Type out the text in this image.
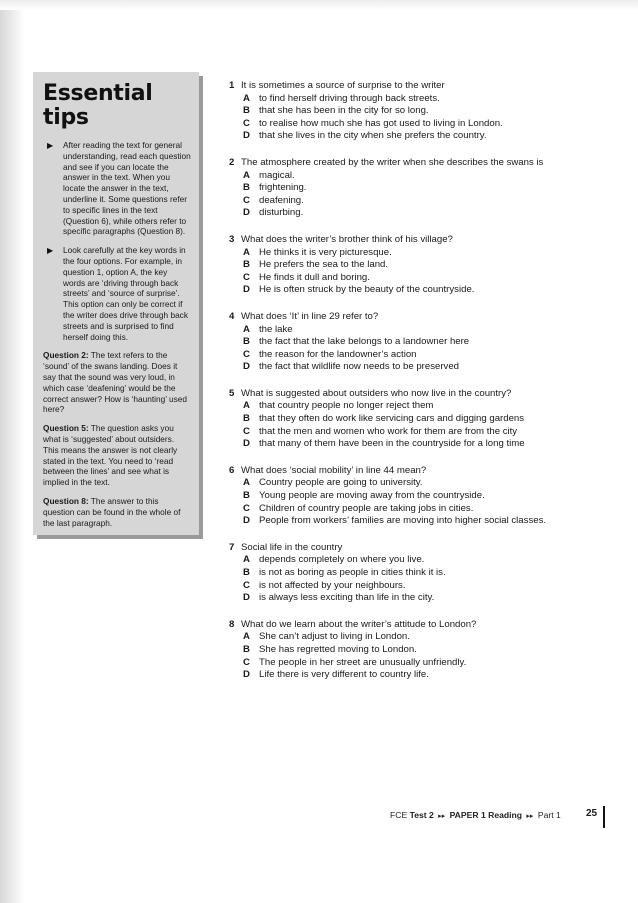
Essential tips
▶ After reading the text for general understanding, read each question and see if you can locate the answer in the text. When you locate the answer in the text, underline it. Some questions refer to specific lines in the text (Question 6), while others refer to specific paragraphs (Question 8).
▶ Look carefully at the key words in the four options. For example, in question 1, option A, the key words are ‘driving through back streets’ and ‘source of surprise’. This option can only be correct if the writer does drive through back streets and is surprised to find herself doing this.
Question 2: The text refers to the ‘sound’ of the swans landing. Does it say that the sound was very loud, in which case ‘deafening’ would be the correct answer? How is ‘haunting’ used here?
Question 5: The question asks you what is ‘suggested’ about outsiders. This means the answer is not clearly stated in the text. You need to ‘read between the lines’ and see what is implied in the text.
Question 8: The answer to this question can be found in the whole of the last paragraph.
1 It is sometimes a source of surprise to the writer
A to find herself driving through back streets.
B that she has been in the city for so long.
C to realise how much she has got used to living in London.
D that she lives in the city when she prefers the country.
2 The atmosphere created by the writer when she describes the swans is
A magical.
B frightening.
C deafening.
D disturbing.
3 What does the writer’s brother think of his village?
A He thinks it is very picturesque.
B He prefers the sea to the land.
C He finds it dull and boring.
D He is often struck by the beauty of the countryside.
4 What does ‘It’ in line 29 refer to?
A the lake
B the fact that the lake belongs to a landowner here
C the reason for the landowner’s action
D the fact that wildlife now needs to be preserved
5 What is suggested about outsiders who now live in the country?
A that country people no longer reject them
B that they often do work like servicing cars and digging gardens
C that the men and women who work for them are from the city
D that many of them have been in the countryside for a long time
6 What does ‘social mobility’ in line 44 mean?
A Country people are going to university.
B Young people are moving away from the countryside.
C Children of country people are taking jobs in cities.
D People from workers’ families are moving into higher social classes.
7 Social life in the country
A depends completely on where you live.
B is not as boring as people in cities think it is.
C is not affected by your neighbours.
D is always less exciting than life in the city.
8 What do we learn about the writer’s attitude to London?
A She can’t adjust to living in London.
B She has regretted moving to London.
C The people in her street are unusually unfriendly.
D Life there is very different to country life.
FCE Test 2 ▸▸ PAPER 1 Reading ▸▸ Part 1	25
